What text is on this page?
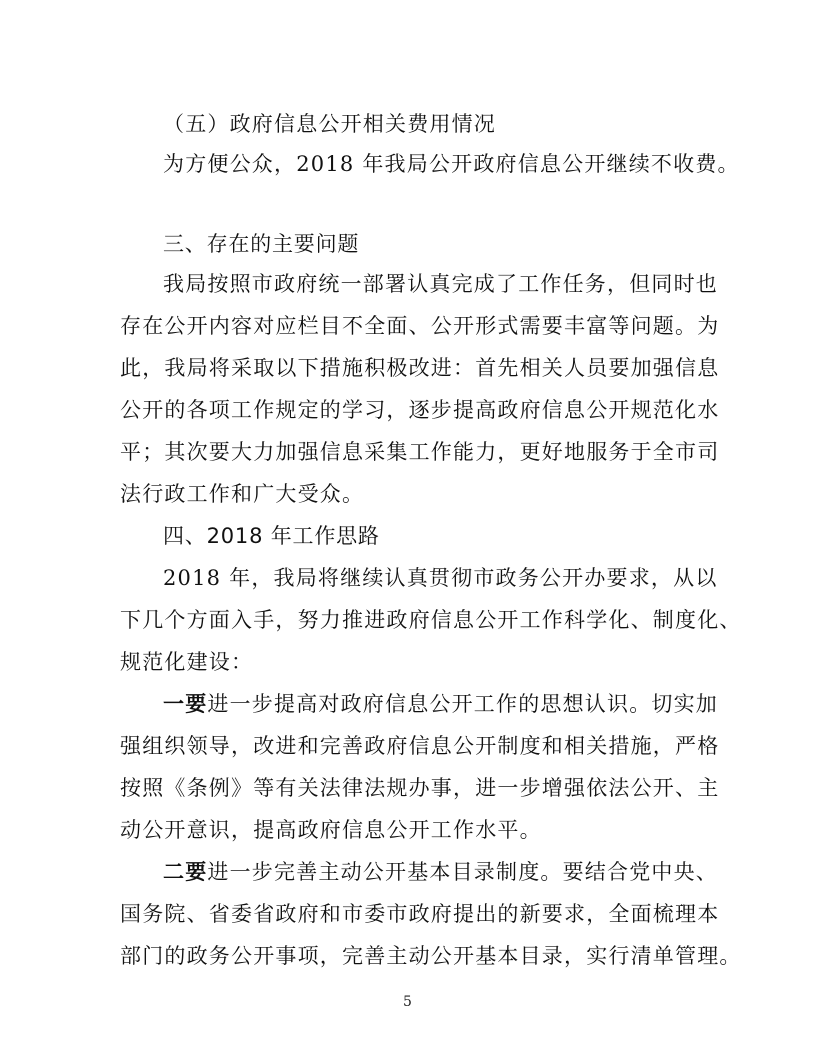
（五）政府信息公开相关费用情况
为方便公众，2018 年我局公开政府信息公开继续不收费。
三、存在的主要问题
我局按照市政府统一部署认真完成了工作任务，但同时也
存在公开内容对应栏目不全面、公开形式需要丰富等问题。为
此，我局将采取以下措施积极改进：首先相关人员要加强信息
公开的各项工作规定的学习，逐步提高政府信息公开规范化水
平；其次要大力加强信息采集工作能力，更好地服务于全市司
法行政工作和广大受众。
四、2018 年工作思路
2018 年，我局将继续认真贯彻市政务公开办要求，从以
下几个方面入手，努力推进政府信息公开工作科学化、制度化、
规范化建设：
一要进一步提高对政府信息公开工作的思想认识。切实加
强组织领导，改进和完善政府信息公开制度和相关措施，严格
按照《条例》等有关法律法规办事，进一步增强依法公开、主
动公开意识，提高政府信息公开工作水平。
二要进一步完善主动公开基本目录制度。要结合党中央、
国务院、省委省政府和市委市政府提出的新要求，全面梳理本
部门的政务公开事项，完善主动公开基本目录，实行清单管理。
5
